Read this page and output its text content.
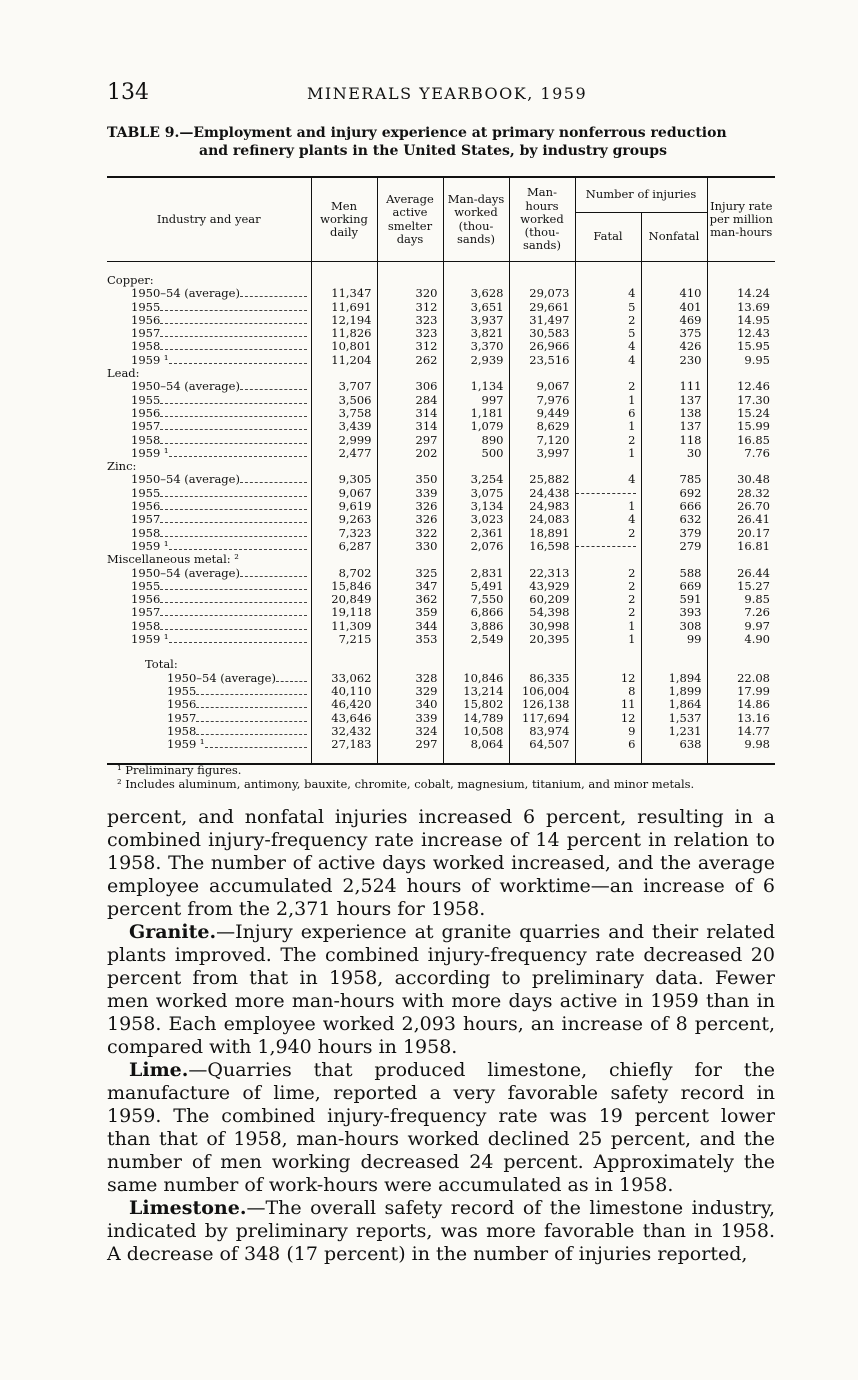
134	MINERALS YEARBOOK, 1959
TABLE 9.—Employment and injury experience at primary nonferrous reduction
and refinery plants in the United States, by industry groups
Industry and year	Men working daily	Average active smelter days	Man-days worked (thou-sands)	Man-hours worked (thou-sands)	Number of injuries		Injury rate per million man-hours
					Fatal	Nonfatal	

Copper:							
1950–54 (average)	11,347	320	3,628	29,073	4	410	14.24
1955	11,691	312	3,651	29,661	5	401	13.69
1956	12,194	323	3,937	31,497	2	469	14.95
1957	11,826	323	3,821	30,583	5	375	12.43
1958	10,801	312	3,370	26,966	4	426	15.95
1959 ¹	11,204	262	2,939	23,516	4	230	9.95
Lead:							
1950–54 (average)	3,707	306	1,134	9,067	2	111	12.46
1955	3,506	284	997	7,976	1	137	17.30
1956	3,758	314	1,181	9,449	6	138	15.24
1957	3,439	314	1,079	8,629	1	137	15.99
1958	2,999	297	890	7,120	2	118	16.85
1959 ¹	2,477	202	500	3,997	1	30	7.76
Zinc:							
1950–54 (average)	9,305	350	3,254	25,882	4	785	30.48
1955	9,067	339	3,075	24,438		692	28.32
1956	9,619	326	3,134	24,983	1	666	26.70
1957	9,263	326	3,023	24,083	4	632	26.41
1958	7,323	322	2,361	18,891	2	379	20.17
1959 ¹	6,287	330	2,076	16,598		279	16.81
Miscellaneous metal: ²							
1950–54 (average)	8,702	325	2,831	22,313	2	588	26.44
1955	15,846	347	5,491	43,929	2	669	15.27
1956	20,849	362	7,550	60,209	2	591	9.85
1957	19,118	359	6,866	54,398	2	393	7.26
1958	11,309	344	3,886	30,998	1	308	9.97
1959 ¹	7,215	353	2,549	20,395	1	99	4.90

Total:							
1950–54 (average)	33,062	328	10,846	86,335	12	1,894	22.08
1955	40,110	329	13,214	106,004	8	1,899	17.99
1956	46,420	340	15,802	126,138	11	1,864	14.86
1957	43,646	339	14,789	117,694	12	1,537	13.16
1958	32,432	324	10,508	83,974	9	1,231	14.77
1959 ¹	27,183	297	8,064	64,507	6	638	9.98

¹ Preliminary figures.
² Includes aluminum, antimony, bauxite, chromite, cobalt, magnesium, titanium, and minor metals.

percent, and nonfatal injuries increased 6 percent, resulting in a combined injury-frequency rate increase of 14 percent in relation to 1958. The number of active days worked increased, and the average employee accumulated 2,524 hours of worktime—an increase of 6 percent from the 2,371 hours for 1958.

Granite.—Injury experience at granite quarries and their related plants improved. The combined injury-frequency rate decreased 20 percent from that in 1958, according to preliminary data. Fewer men worked more man-hours with more days active in 1959 than in 1958. Each employee worked 2,093 hours, an increase of 8 percent, compared with 1,940 hours in 1958.

Lime.—Quarries that produced limestone, chiefly for the manufacture of lime, reported a very favorable safety record in 1959. The combined injury-frequency rate was 19 percent lower than that of 1958, man-hours worked declined 25 percent, and the number of men working decreased 24 percent. Approximately the same number of work-hours were accumulated as in 1958.

Limestone.—The overall safety record of the limestone industry, indicated by preliminary reports, was more favorable than in 1958. A decrease of 348 (17 percent) in the number of injuries reported,
